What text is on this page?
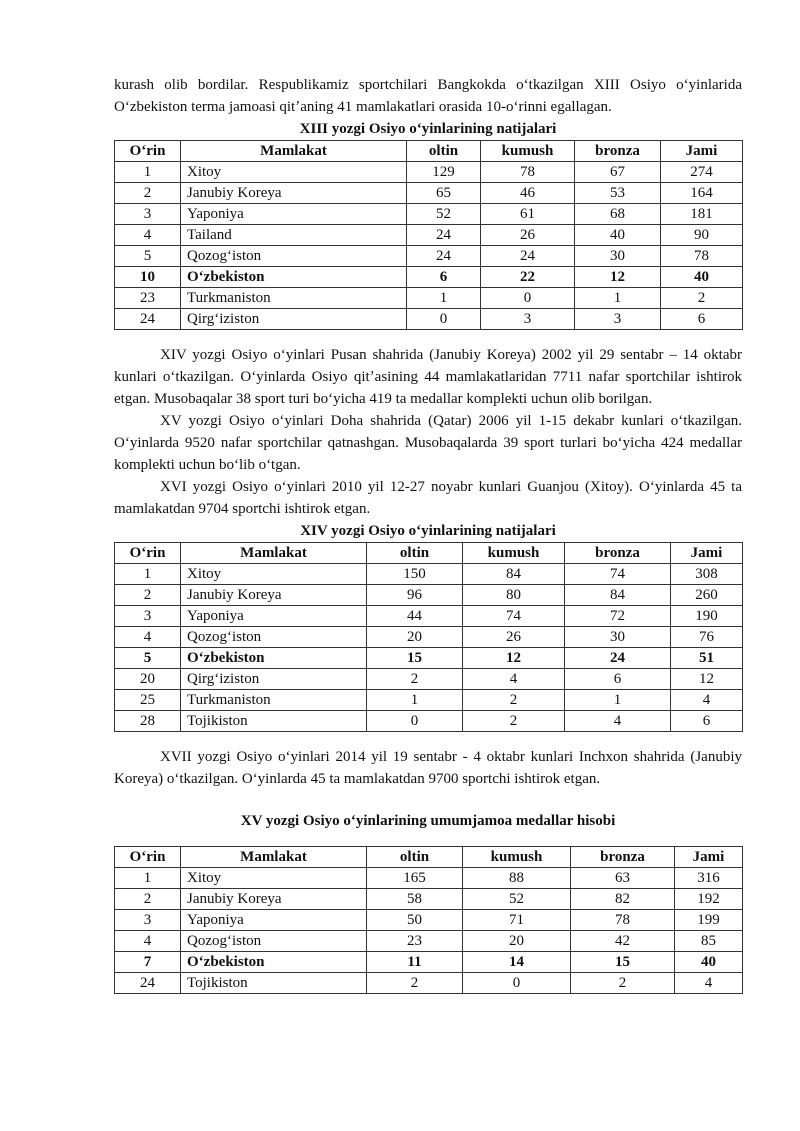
kurash olib bordilar. Respublikamiz sportchilari Bangkokda oʻtkazilgan XIII Osiyo oʻyinlarida Oʻzbekiston terma jamoasi qitʼaning 41 mamlakatlari orasida 10-oʻrinni egallagan.

XIII yozgi Osiyo oʻyinlarining natijalari
Oʻrin	Mamlakat	oltin	kumush	bronza	Jami
1	Xitoy	129	78	67	274
2	Janubiy Koreya	65	46	53	164
3	Yaponiya	52	61	68	181
4	Tailand	24	26	40	90
5	Qozogʻiston	24	24	30	78
10	Oʻzbekiston	6	22	12	40
23	Turkmaniston	1	0	1	2
24	Qirgʻiziston	0	3	3	6

XIV yozgi Osiyo oʻyinlari Pusan shahrida (Janubiy Koreya) 2002 yil 29 sentabr – 14 oktabr kunlari oʻtkazilgan. Oʻyinlarda Osiyo qitʼasining 44 mamlakatlaridan 7711 nafar sportchilar ishtirok etgan. Musobaqalar 38 sport turi boʻyicha 419 ta medallar komplekti uchun olib borilgan.

XV yozgi Osiyo oʻyinlari Doha shahrida (Qatar) 2006 yil 1-15 dekabr kunlari oʻtkazilgan. Oʻyinlarda 9520 nafar sportchilar qatnashgan. Musobaqalarda 39 sport turlari boʻyicha 424 medallar komplekti uchun boʻlib oʻtgan.

XVI yozgi Osiyo oʻyinlari 2010 yil 12-27 noyabr kunlari Guanjou (Xitoy). Oʻyinlarda 45 ta mamlakatdan 9704 sportchi ishtirok etgan.

XIV yozgi Osiyo oʻyinlarining natijalari
Oʻrin	Mamlakat	oltin	kumush	bronza	Jami
1	Xitoy	150	84	74	308
2	Janubiy Koreya	96	80	84	260
3	Yaponiya	44	74	72	190
4	Qozogʻiston	20	26	30	76
5	Oʻzbekiston	15	12	24	51
20	Qirgʻiziston	2	4	6	12
25	Turkmaniston	1	2	1	4
28	Tojikiston	0	2	4	6

XVII yozgi Osiyo oʻyinlari 2014 yil 19 sentabr - 4 oktabr kunlari Inchxon shahrida (Janubiy Koreya) oʻtkazilgan. Oʻyinlarda 45 ta mamlakatdan 9700 sportchi ishtirok etgan.

XV yozgi Osiyo oʻyinlarining umumjamoa medallar hisobi
Oʻrin	Mamlakat	oltin	kumush	bronza	Jami
1	Xitoy	165	88	63	316
2	Janubiy Koreya	58	52	82	192
3	Yaponiya	50	71	78	199
4	Qozogʻiston	23	20	42	85
7	Oʻzbekiston	11	14	15	40
24	Tojikiston	2	0	2	4
